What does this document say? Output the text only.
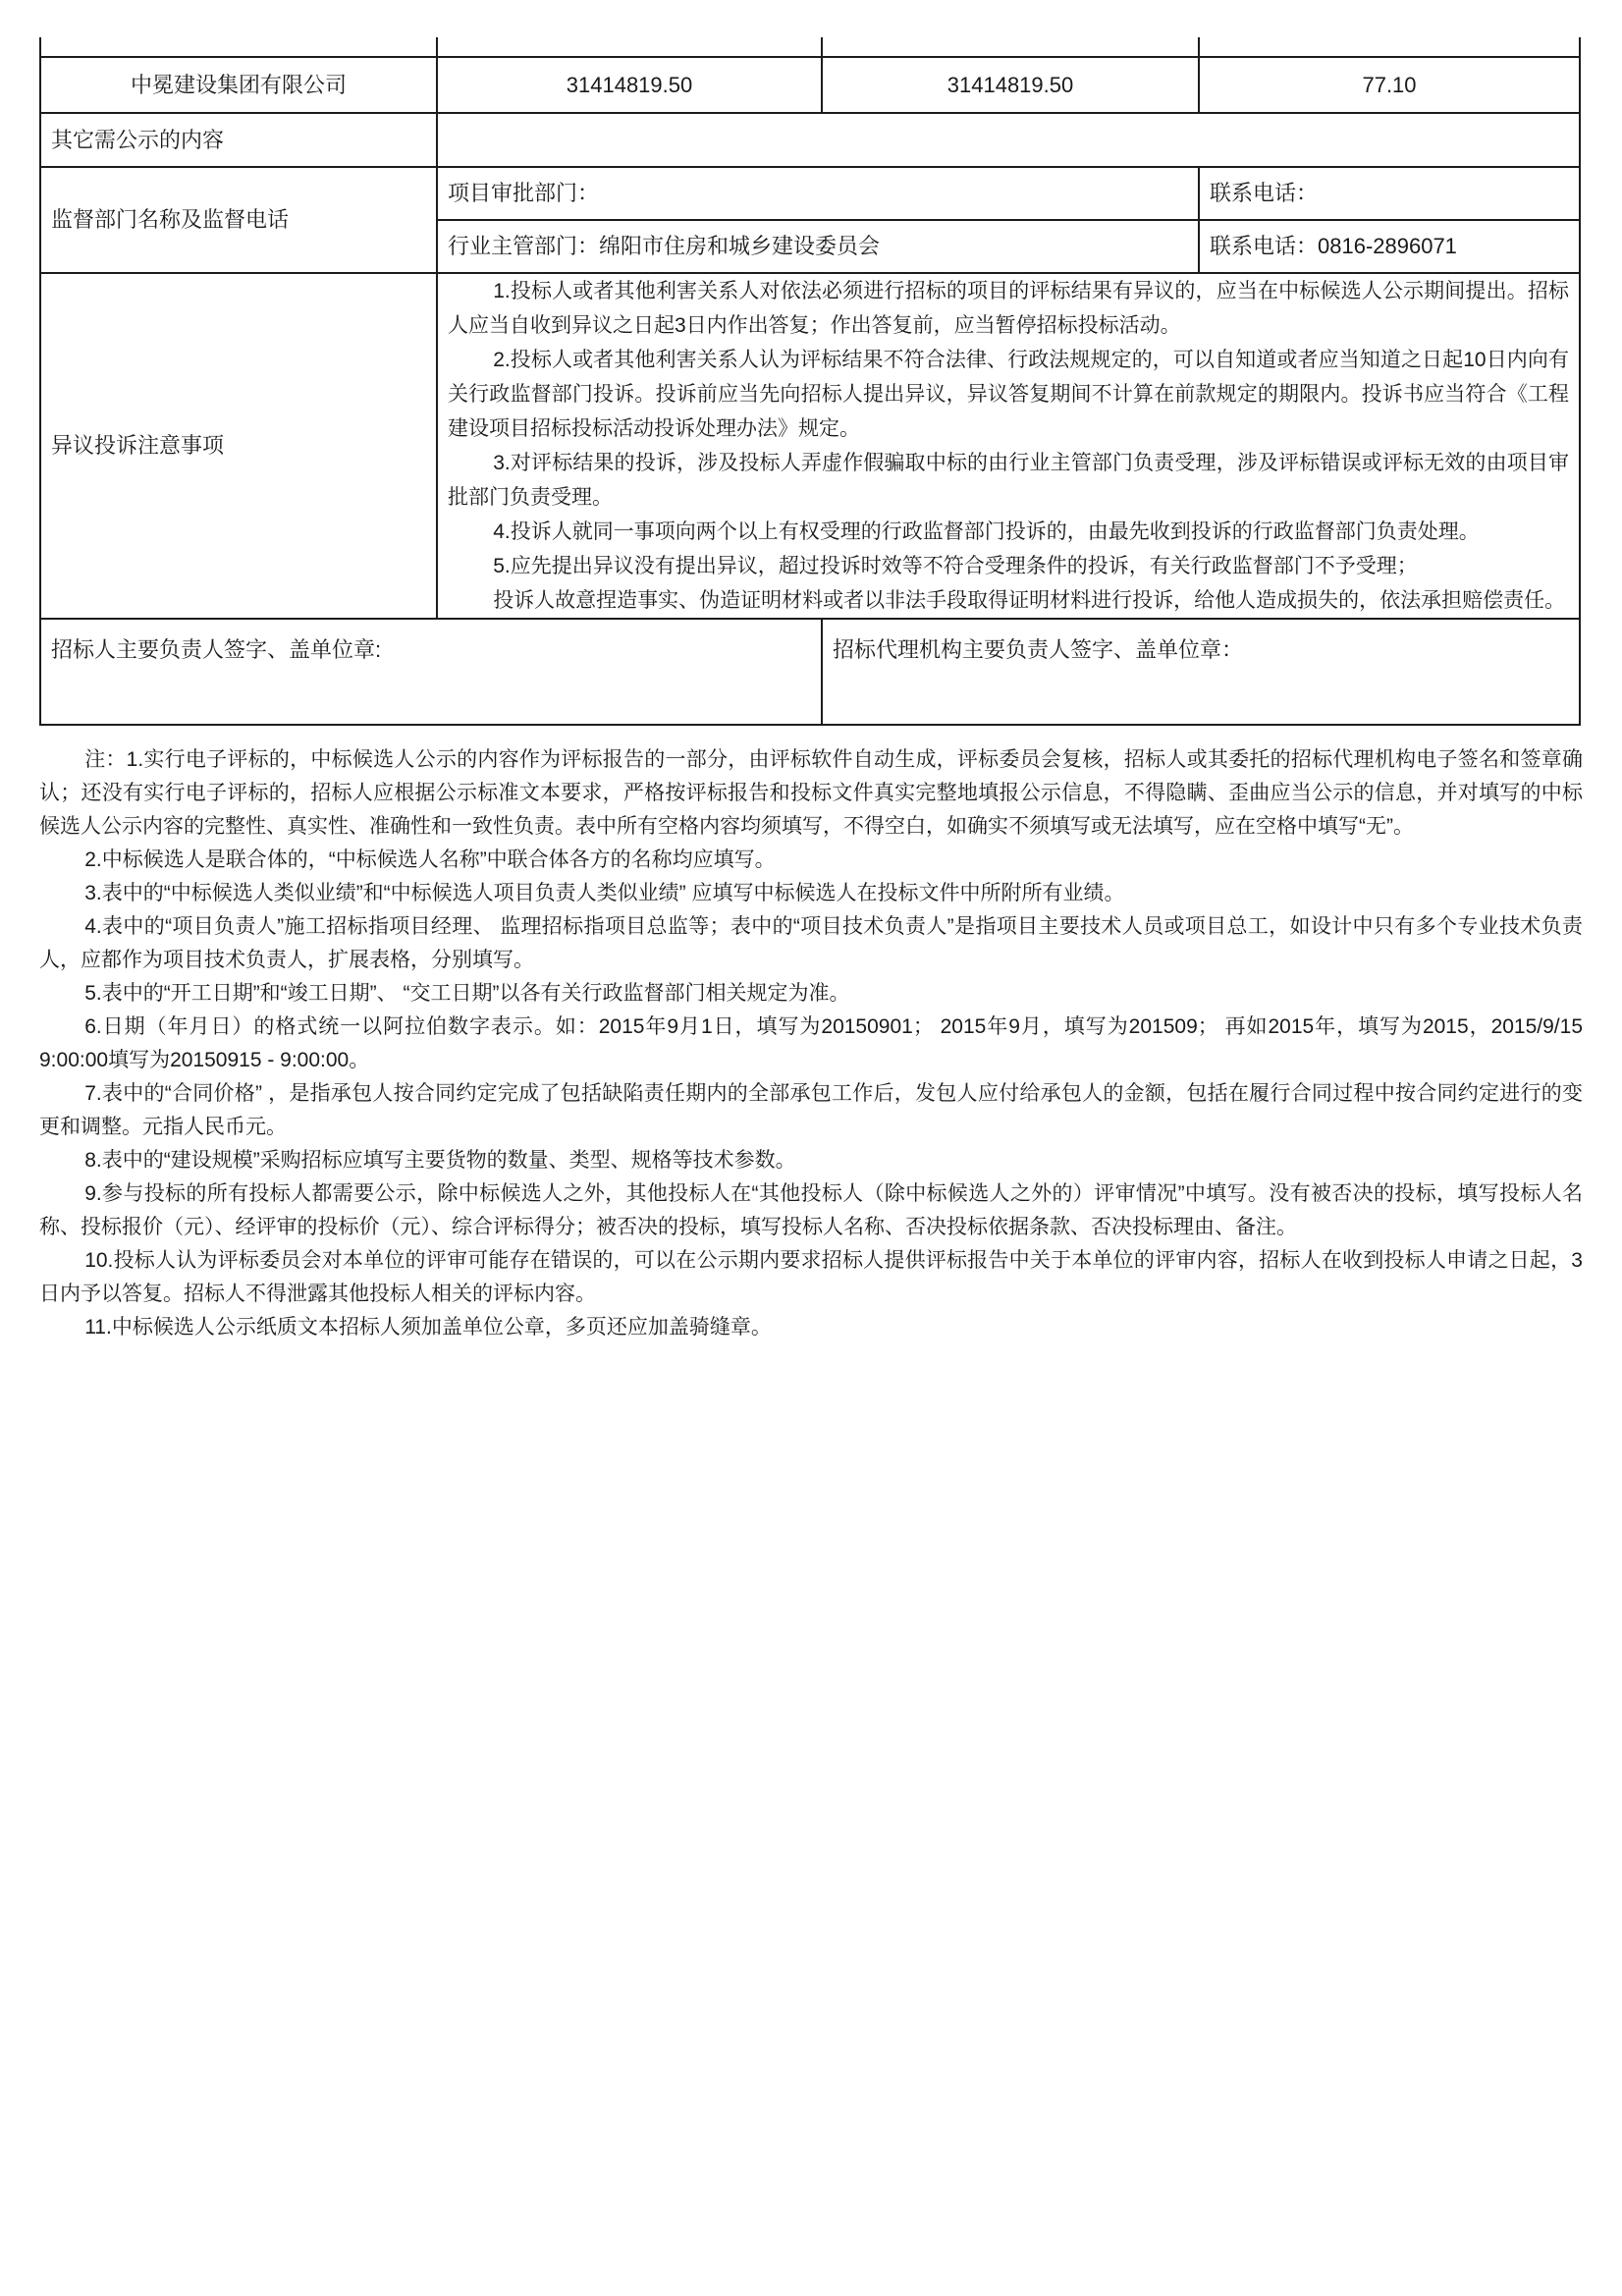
中冕建设集团有限公司	31414819.50	31414819.50	77.10
其它需公示的内容			
监督部门名称及监督电话	项目审批部门：		联系电话：
	行业主管部门：绵阳市住房和城乡建设委员会		联系电话：0816-2896071
异议投诉注意事项	

1.投标人或者其他利害关系人对依法必须进行招标的项目的评标结果有异议的，应当在中标候选人公示期间提出。招标人应当自收到异议之日起3日内作出答复；作出答复前，应当暂停招标投标活动。

2.投标人或者其他利害关系人认为评标结果不符合法律、行政法规规定的，可以自知道或者应当知道之日起10日内向有关行政监督部门投诉。投诉前应当先向招标人提出异议，异议答复期间不计算在前款规定的期限内。投诉书应当符合《工程建设项目招标投标活动投诉处理办法》规定。

3.对评标结果的投诉，涉及投标人弄虚作假骗取中标的由行业主管部门负责受理，涉及评标错误或评标无效的由项目审批部门负责受理。

4.投诉人就同一事项向两个以上有权受理的行政监督部门投诉的，由最先收到投诉的行政监督部门负责处理。

5.应先提出异议没有提出异议，超过投诉时效等不符合受理条件的投诉，有关行政监督部门不予受理；

投诉人故意捏造事实、伪造证明材料或者以非法手段取得证明材料进行投诉，给他人造成损失的，依法承担赔偿责任。

招标人主要负责人签字、盖单位章:		招标代理机构主要负责人签字、盖单位章：	

注：1.实行电子评标的，中标候选人公示的内容作为评标报告的一部分，由评标软件自动生成，评标委员会复核，招标人或其委托的招标代理机构电子签名和签章确认；还没有实行电子评标的，招标人应根据公示标准文本要求，严格按评标报告和投标文件真实完整地填报公示信息，不得隐瞒、歪曲应当公示的信息，并对填写的中标候选人公示内容的完整性、真实性、准确性和一致性负责。表中所有空格内容均须填写，不得空白，如确实不须填写或无法填写，应在空格中填写“无”。

2.中标候选人是联合体的，“中标候选人名称”中联合体各方的名称均应填写。

3.表中的“中标候选人类似业绩”和“中标候选人项目负责人类似业绩” 应填写中标候选人在投标文件中所附所有业绩。

4.表中的“项目负责人”施工招标指项目经理、 监理招标指项目总监等；表中的“项目技术负责人”是指项目主要技术人员或项目总工，如设计中只有多个专业技术负责人，应都作为项目技术负责人，扩展表格，分别填写。

5.表中的“开工日期”和“竣工日期”、 “交工日期”以各有关行政监督部门相关规定为准。

6.日期（年月日）的格式统一以阿拉伯数字表示。如：2015年9月1日，填写为20150901； 2015年9月，填写为201509； 再如2015年，填写为2015，2015/9/15 9:00:00填写为20150915 - 9:00:00。

7.表中的“合同价格” ，是指承包人按合同约定完成了包括缺陷责任期内的全部承包工作后，发包人应付给承包人的金额，包括在履行合同过程中按合同约定进行的变更和调整。元指人民币元。

8.表中的“建设规模”采购招标应填写主要货物的数量、类型、规格等技术参数。

9.参与投标的所有投标人都需要公示，除中标候选人之外，其他投标人在“其他投标人（除中标候选人之外的）评审情况”中填写。没有被否决的投标，填写投标人名称、投标报价（元）、经评审的投标价（元）、综合评标得分；被否决的投标，填写投标人名称、否决投标依据条款、否决投标理由、备注。

10.投标人认为评标委员会对本单位的评审可能存在错误的，可以在公示期内要求招标人提供评标报告中关于本单位的评审内容，招标人在收到投标人申请之日起，3日内予以答复。招标人不得泄露其他投标人相关的评标内容。

11.中标候选人公示纸质文本招标人须加盖单位公章，多页还应加盖骑缝章。
